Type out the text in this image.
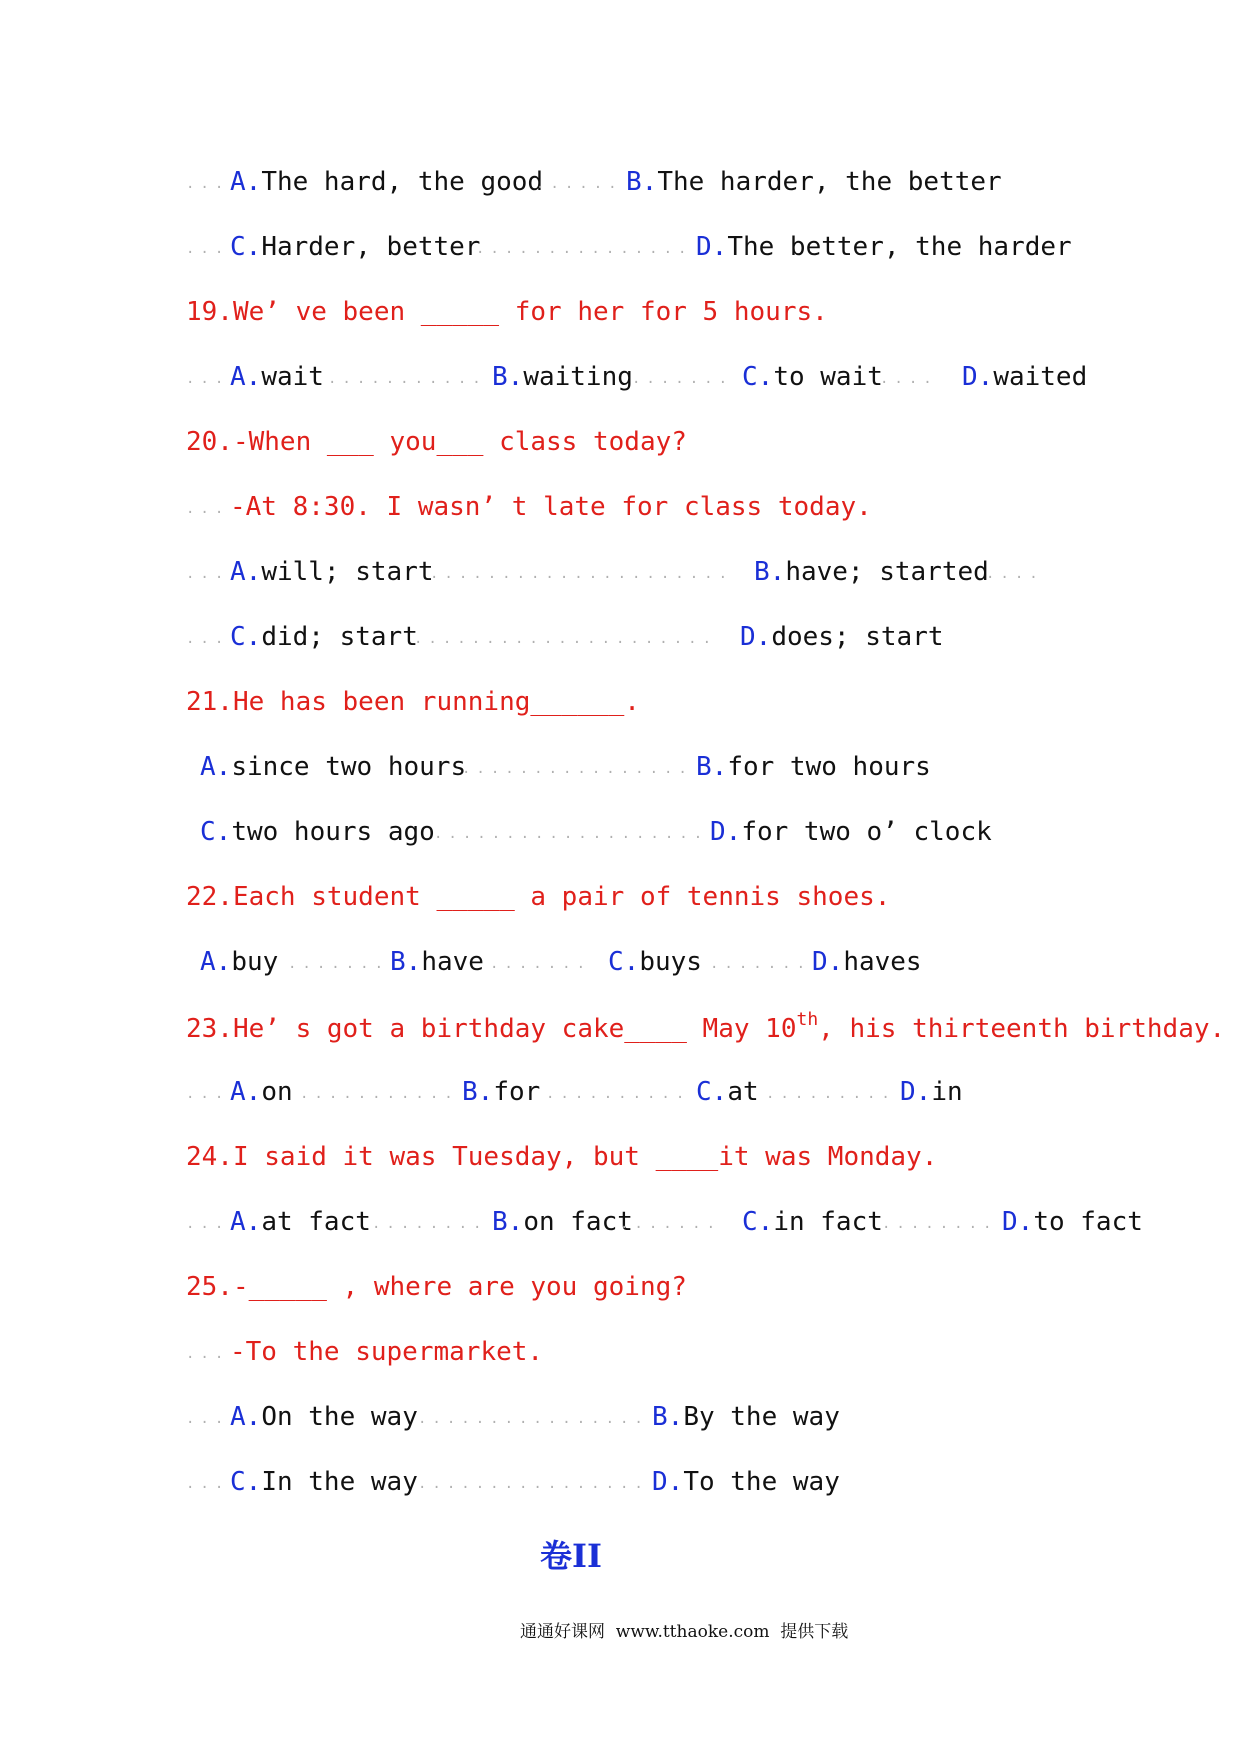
... A.The hard, the good
...... B.The harder, the better
... C.Harder, better
............... D.The better, the harder
19.We’ ve been _____ for her for 5 hours.
... A.wait ........... B.waiting ....... C.to wait
.... D.waited
20.-When ___ you___ class today?
... -At 8:30. I wasn’ t late for class today.
... A.will; start
..................... B.have; started
....
... C.did; start
..................... D.does; start
21.He has been running______.
A.since two hours
................ B.for two hours
C.two hours ago ................... D.for two o’ clock
22.Each student _____ a pair of tennis shoes.
A.buy ....... B.have ....... C.buys ....... D.haves
23.He’ s got a birthday cake____ May 10th, his thirteenth birthday.
... A.on ........... B.for .......... C.at ......... D.in
24.I said it was Tuesday, but ____it was Monday.
... A.at fact ........ B.on fact
....... C.in fact ........ D.to fact
25.-_____ , where are you going?
... -To the supermarket.
... A.On the way ................ B.By the way
... C.In the way ................ D.To the way
卷II
通通好课网  www.tthaoke.com  提供下载
